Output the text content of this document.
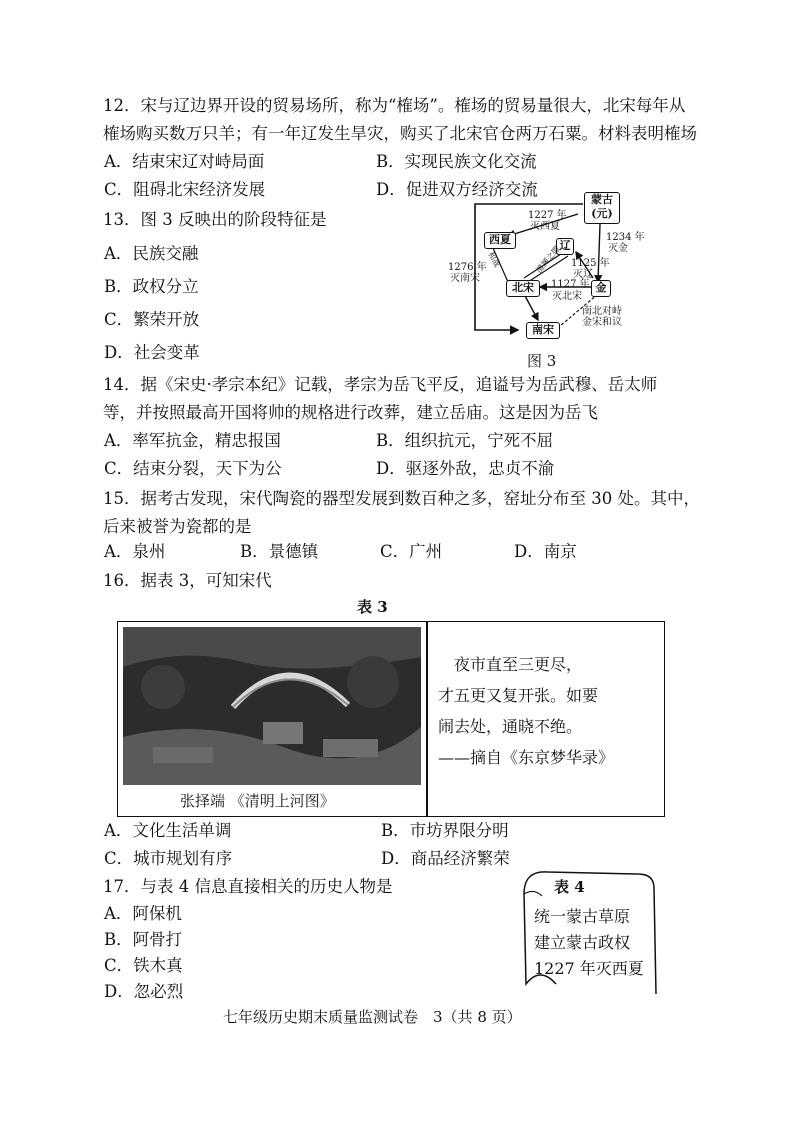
12．宋与辽边界开设的贸易场所，称为“榷场”。榷场的贸易量很大，北宋每年从
榷场购买数万只羊；有一年辽发生旱灾，购买了北宋官仓两万石粟。材料表明榷场
A．结束宋辽对峙局面	B．实现民族文化交流
C．阻碍北宋经济发展	D．促进双方经济交流
13．图 3 反映出的阶段特征是
A．民族交融
B．政权分立
C．繁荣开放
D．社会变革
蒙古
(元)
西夏	辽
金
北宋
南宋
1227 年
灭西夏
1234 年
灭金
1125 年
灭辽
1127 年
灭北宋
1276 年
灭南宋
南北对峙
金宋和议
澶渊之盟
和战
图 3
14．据《宋史·孝宗本纪》记载，孝宗为岳飞平反，追谥号为岳武穆、岳太师
等，并按照最高开国将帅的规格进行改葬，建立岳庙。这是因为岳飞
A．率军抗金，精忠报国	B．组织抗元，宁死不屈
C．结束分裂，天下为公	D．驱逐外敌，忠贞不渝
15．据考古发现，宋代陶瓷的器型发展到数百种之多，窑址分布至 30 处。其中，
后来被誉为瓷都的是
A．泉州	B．景德镇	C．广州	D．南京
16．据表 3，可知宋代
表 3
张择端 《清明上河图》
夜市直至三更尽，
才五更又复开张。如要
闹去处，通晓不绝。
——摘自《东京梦华录》
A．文化生活单调	B．市坊界限分明
C．城市规划有序	D．商品经济繁荣
17．与表 4 信息直接相关的历史人物是
A．阿保机
B．阿骨打
C．铁木真
D．忽必烈
表 4
统一蒙古草原
建立蒙古政权
1227 年灭西夏
七年级历史期末质量监测试卷　3（共 8 页）
